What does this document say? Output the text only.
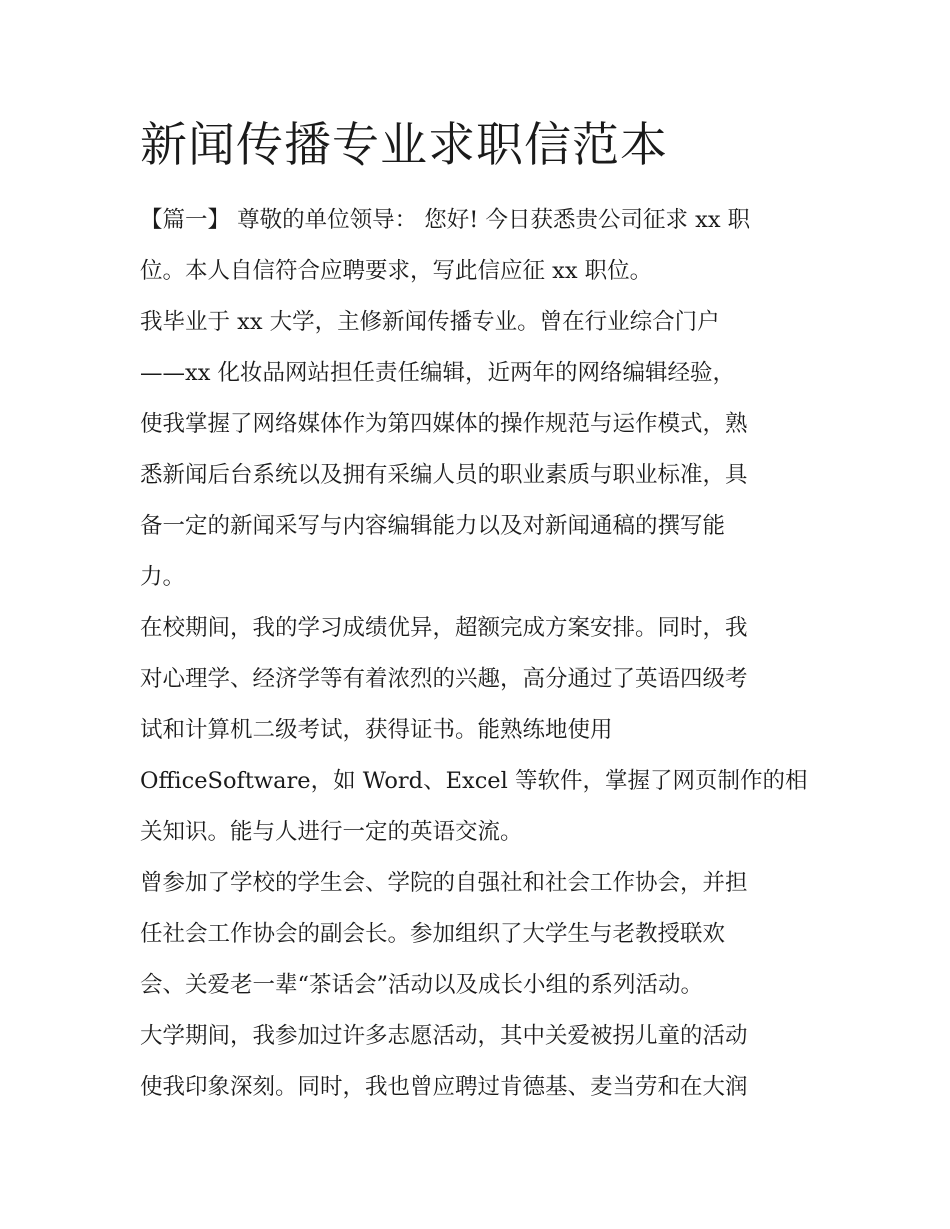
新闻传播专业求职信范本

【篇一】 尊敬的单位领导： 您好! 今日获悉贵公司征求 xx 职

位。本人自信符合应聘要求，写此信应征 xx 职位。

我毕业于 xx 大学，主修新闻传播专业。曾在行业综合门户

——xx 化妆品网站担任责任编辑，近两年的网络编辑经验，

使我掌握了网络媒体作为第四媒体的操作规范与运作模式，熟

悉新闻后台系统以及拥有采编人员的职业素质与职业标准，具

备一定的新闻采写与内容编辑能力以及对新闻通稿的撰写能

力。

在校期间，我的学习成绩优异，超额完成方案安排。同时，我

对心理学、经济学等有着浓烈的兴趣，高分通过了英语四级考

试和计算机二级考试，获得证书。能熟练地使用

OfficeSoftware，如 Word、Excel 等软件，掌握了网页制作的相

关知识。能与人进行一定的英语交流。

曾参加了学校的学生会、学院的自强社和社会工作协会，并担

任社会工作协会的副会长。参加组织了大学生与老教授联欢

会、关爱老一辈“茶话会”活动以及成长小组的系列活动。

大学期间，我参加过许多志愿活动，其中关爱被拐儿童的活动

使我印象深刻。同时，我也曾应聘过肯德基、麦当劳和在大润
